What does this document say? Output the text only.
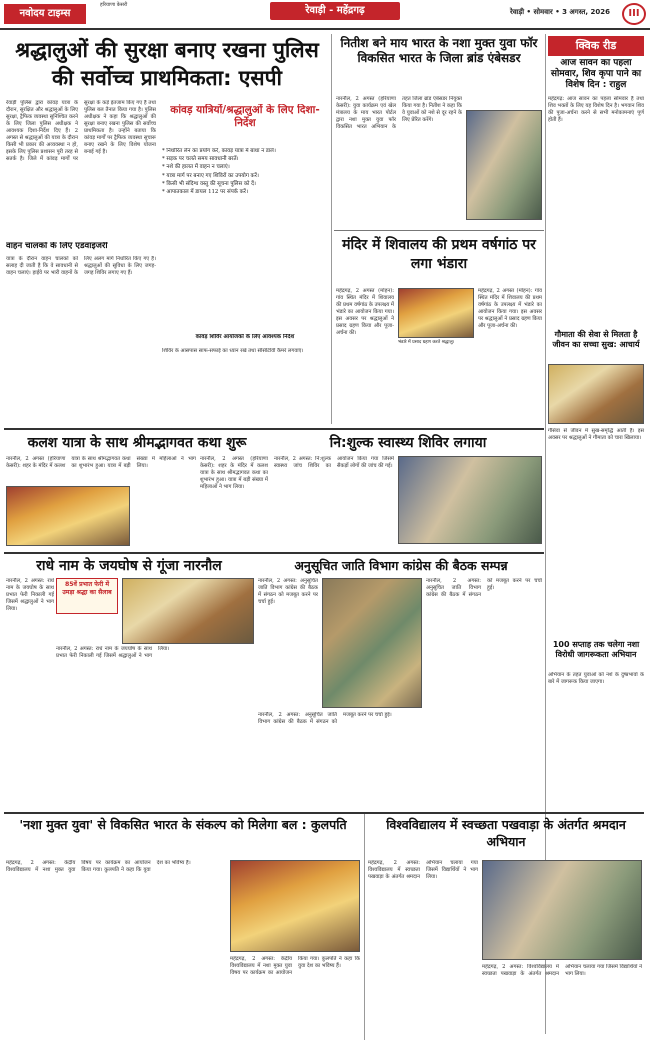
नवोदय टाइम्स
हरियाणा केसरी	रेवाड़ी - महेंद्रगढ़	रेवाड़ी • सोमवार • 3 अगस्त, 2026	III
श्रद्धालुओं की सुरक्षा बनाए रखना पुलिस की सर्वोच्च प्राथमिकता: एसपी
रेवाड़ी पुलिस द्वारा कांवड़ यात्रा के दौरान, सुरक्षित और श्रद्धालुओं के लिए सुरक्षा, ट्रैफिक व्यवस्था सुनिश्चित करने के लिए जिला पुलिस अधीक्षक ने आवश्यक दिशा-निर्देश दिए हैं। 2 अगस्त से श्रद्धालुओं की यात्रा के दौरान किसी भी प्रकार की अव्यवस्था न हो, इसके लिए पुलिस प्रशासन पूरी तरह से सतर्क है। जिले में कांवड़ मार्गों पर सुरक्षा के कड़े इंतजाम किए गए हैं तथा पुलिस बल तैनात किया गया है। पुलिस अधीक्षक ने कहा कि श्रद्धालुओं की सुरक्षा बनाए रखना पुलिस की सर्वोच्च प्राथमिकता है। उन्होंने बताया कि कांवड़ मार्गों पर ट्रैफिक व्यवस्था सुचारू बनाए रखने के लिए विशेष योजना बनाई गई है।
वाहन चालकों के लिए एडवाइजरी
यात्रा के दौरान वाहन चालकों को सलाह दी जाती है कि वे सावधानी से वाहन चलाएं। हाईवे पर भारी वाहनों के लिए अलग मार्ग निर्धारित किए गए हैं। श्रद्धालुओं की सुविधा के लिए जगह-जगह शिविर लगाए गए हैं।
कांवड़ यात्रियों/श्रद्धालुओं के लिए दिशा-निर्देश
* निर्धारित लेन का प्रयोग करें, कांवड़ यात्रा में बाधा न डालें।
* सड़क पर चलते समय सावधानी बरतें।
* नशे की हालत में वाहन न चलाएं।
* यात्रा मार्ग पर बनाए गए शिविरों का उपयोग करें।
* किसी भी संदिग्ध वस्तु की सूचना पुलिस को दें।
* आपातकाल में डायल 112 पर संपर्क करें।
कांवड़ शिविर आयोजकों के लिए आवश्यक निर्देश
शिविर के आसपास साफ-सफाई का ध्यान रखें तथा सीसीटीवी कैमरे लगवाएं।
नितीश बने माय भारत के नशा मुक्त युवा फॉर विकसित भारत के जिला ब्रांड एंबेसडर
नारनौल, 2 अगस्त (हरियाणा केसरी): युवा कार्यक्रम एवं खेल मंत्रालय के माय भारत पोर्टल द्वारा नशा मुक्त युवा फॉर विकसित भारत अभियान के तहत जिला ब्रांड एंबेसडर नियुक्त किया गया है। नितीश ने कहा कि वे युवाओं को नशे से दूर रहने के लिए प्रेरित करेंगे।
मंदिर में शिवालय की प्रथम वर्षगांठ पर लगा भंडारा
महेंद्रगढ़, 2 अगस्त (मोहन): गांव स्थित मंदिर में शिवालय की प्रथम वर्षगांठ के उपलक्ष्य में भंडारे का आयोजन किया गया। इस अवसर पर श्रद्धालुओं ने प्रसाद ग्रहण किया और पूजा-अर्चना की।
भंडारे में प्रसाद ग्रहण करते श्रद्धालु।
महेंद्रगढ़, 2 अगस्त (मोहन): गांव स्थित मंदिर में शिवालय की प्रथम वर्षगांठ के उपलक्ष्य में भंडारे का आयोजन किया गया। इस अवसर पर श्रद्धालुओं ने प्रसाद ग्रहण किया और पूजा-अर्चना की।
क्विक रीड
आज सावन का पहला सोमवार, शिव कृपा पाने का विशेष दिन : राहुल
महेंद्रगढ़: आज सावन का पहला सोमवार है तथा शिव भक्तों के लिए यह विशेष दिन है। भगवान शिव की पूजा-अर्चना करने से सभी मनोकामनाएं पूर्ण होती हैं।
गौमाता की सेवा से मिलता है जीवन का सच्चा सुख: आचार्य
गौसेवा से जीवन में सुख-समृद्धि आती है। इस अवसर पर श्रद्धालुओं ने गौमाता को चारा खिलाया।
100 सप्ताह तक चलेगा नशा विरोधी जागरूकता अभियान
अभियान के तहत युवाओं को नशे के दुष्प्रभावों के बारे में जागरूक किया जाएगा।
कलश यात्रा के साथ श्रीमद्भागवत कथा शुरू
नारनौल, 2 अगस्त (हरियाणा केसरी): शहर के मंदिर में कलश यात्रा के साथ श्रीमद्भागवत कथा का शुभारंभ हुआ। यात्रा में बड़ी संख्या में महिलाओं ने भाग लिया।
नारनौल, 2 अगस्त (हरियाणा केसरी): शहर के मंदिर में कलश यात्रा के साथ श्रीमद्भागवत कथा का शुभारंभ हुआ। यात्रा में बड़ी संख्या में महिलाओं ने भाग लिया।
नि:शुल्क स्वास्थ्य शिविर लगाया
नारनौल, 2 अगस्त: नि:शुल्क स्वास्थ्य जांच शिविर का आयोजन किया गया जिसमें सैकड़ों लोगों की जांच की गई।
राधे नाम के जयघोष से गूंजा नारनौल
नारनौल, 2 अगस्त: राधे नाम के जयघोष के साथ प्रभात फेरी निकाली गई जिसमें श्रद्धालुओं ने भाग लिया।
85वें प्रभात फेरी में उमड़ा श्रद्धा का सैलाब
नारनौल, 2 अगस्त: राधे नाम के जयघोष के साथ प्रभात फेरी निकाली गई जिसमें श्रद्धालुओं ने भाग लिया।
अनुसूचित जाति विभाग कांग्रेस की बैठक सम्पन्न
नारनौल, 2 अगस्त: अनुसूचित जाति विभाग कांग्रेस की बैठक में संगठन को मजबूत करने पर चर्चा हुई।
नारनौल, 2 अगस्त: अनुसूचित जाति विभाग कांग्रेस की बैठक में संगठन को मजबूत करने पर चर्चा हुई।
नारनौल, 2 अगस्त: अनुसूचित जाति विभाग कांग्रेस की बैठक में संगठन को मजबूत करने पर चर्चा हुई।
'नशा मुक्त युवा' से विकसित भारत के संकल्प को मिलेगा बल : कुलपति
महेंद्रगढ़, 2 अगस्त: केंद्रीय विश्वविद्यालय में नशा मुक्त युवा विषय पर कार्यक्रम का आयोजन किया गया। कुलपति ने कहा कि युवा देश का भविष्य हैं।
महेंद्रगढ़, 2 अगस्त: केंद्रीय विश्वविद्यालय में नशा मुक्त युवा विषय पर कार्यक्रम का आयोजन किया गया। कुलपति ने कहा कि युवा देश का भविष्य हैं।
विश्वविद्यालय में स्वच्छता पखवाड़ा के अंतर्गत श्रमदान अभियान
महेंद्रगढ़, 2 अगस्त: विश्वविद्यालय में स्वच्छता पखवाड़ा के अंतर्गत श्रमदान अभियान चलाया गया जिसमें विद्यार्थियों ने भाग लिया।
महेंद्रगढ़, 2 अगस्त: विश्वविद्यालय में स्वच्छता पखवाड़ा के अंतर्गत श्रमदान अभियान चलाया गया जिसमें विद्यार्थियों ने भाग लिया।
